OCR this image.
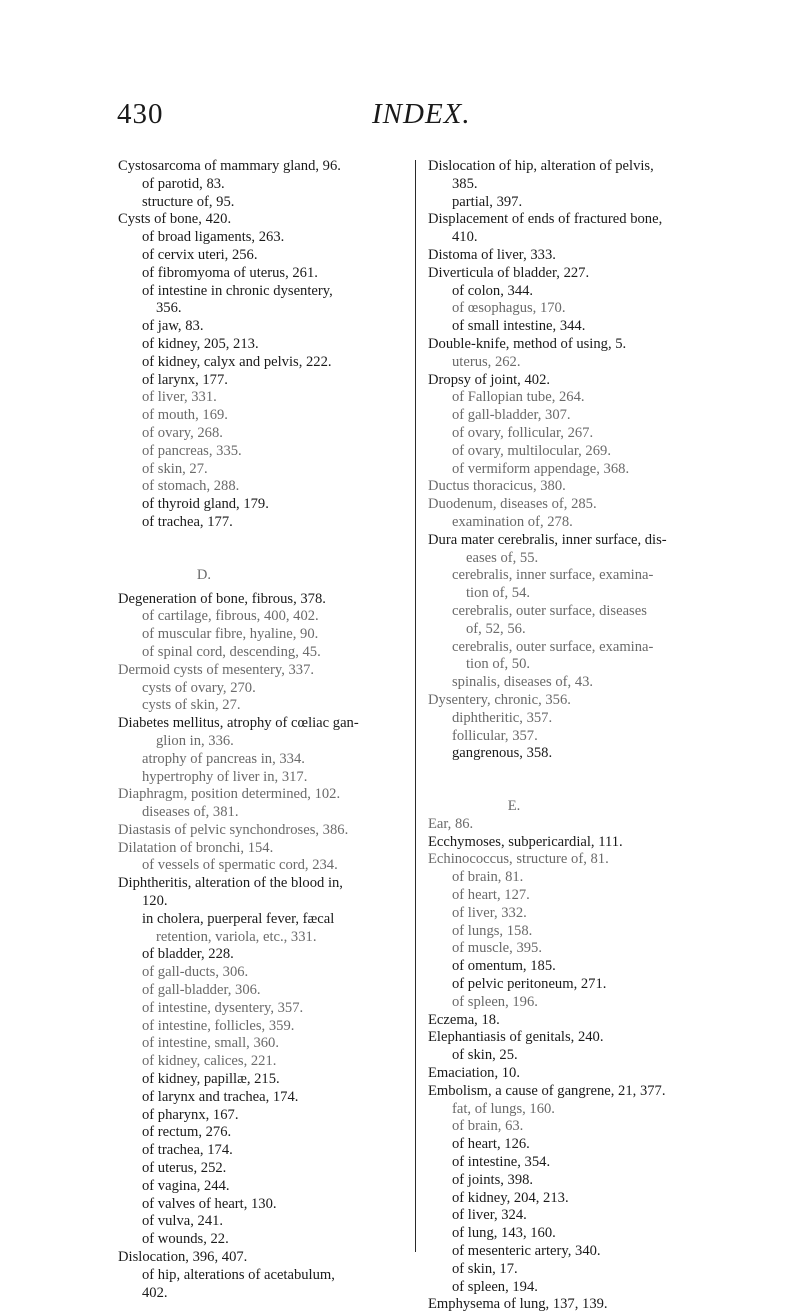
430	INDEX.
Cystosarcoma of mammary gland, 96.
of parotid, 83.
structure of, 95.
Cysts of bone, 420.
of broad ligaments, 263.
of cervix uteri, 256.
of fibromyoma of uterus, 261.
of intestine in chronic dysentery,
356.
of jaw, 83.
of kidney, 205, 213.
of kidney, calyx and pelvis, 222.
of larynx, 177.
of liver, 331.
of mouth, 169.
of ovary, 268.
of pancreas, 335.
of skin, 27.
of stomach, 288.
of thyroid gland, 179.
of trachea, 177.
D.
Degeneration of bone, fibrous, 378.
of cartilage, fibrous, 400, 402.
of muscular fibre, hyaline, 90.
of spinal cord, descending, 45.
Dermoid cysts of mesentery, 337.
cysts of ovary, 270.
cysts of skin, 27.
Diabetes mellitus, atrophy of cœliac gan-
glion in, 336.
atrophy of pancreas in, 334.
hypertrophy of liver in, 317.
Diaphragm, position determined, 102.
diseases of, 381.
Diastasis of pelvic synchondroses, 386.
Dilatation of bronchi, 154.
of vessels of spermatic cord, 234.
Diphtheritis, alteration of the blood in,
120.
in cholera, puerperal fever, fæcal
retention, variola, etc., 331.
of bladder, 228.
of gall-ducts, 306.
of gall-bladder, 306.
of intestine, dysentery, 357.
of intestine, follicles, 359.
of intestine, small, 360.
of kidney, calices, 221.
of kidney, papillæ, 215.
of larynx and trachea, 174.
of pharynx, 167.
of rectum, 276.
of trachea, 174.
of uterus, 252.
of vagina, 244.
of valves of heart, 130.
of vulva, 241.
of wounds, 22.
Dislocation, 396, 407.
of hip, alterations of acetabulum,
402.
Dislocation of hip, alteration of pelvis,
385.
partial, 397.
Displacement of ends of fractured bone,
410.
Distoma of liver, 333.
Diverticula of bladder, 227.
of colon, 344.
of œsophagus, 170.
of small intestine, 344.
Double-knife, method of using, 5.
uterus, 262.
Dropsy of joint, 402.
of Fallopian tube, 264.
of gall-bladder, 307.
of ovary, follicular, 267.
of ovary, multilocular, 269.
of vermiform appendage, 368.
Ductus thoracicus, 380.
Duodenum, diseases of, 285.
examination of, 278.
Dura mater cerebralis, inner surface, dis-
eases of, 55.
cerebralis, inner surface, examina-
tion of, 54.
cerebralis, outer surface, diseases
of, 52, 56.
cerebralis, outer surface, examina-
tion of, 50.
spinalis, diseases of, 43.
Dysentery, chronic, 356.
diphtheritic, 357.
follicular, 357.
gangrenous, 358.
E.
Ear, 86.
Ecchymoses, subpericardial, 111.
Echinococcus, structure of, 81.
of brain, 81.
of heart, 127.
of liver, 332.
of lungs, 158.
of muscle, 395.
of omentum, 185.
of pelvic peritoneum, 271.
of spleen, 196.
Eczema, 18.
Elephantiasis of genitals, 240.
of skin, 25.
Emaciation, 10.
Embolism, a cause of gangrene, 21, 377.
fat, of lungs, 160.
of brain, 63.
of heart, 126.
of intestine, 354.
of joints, 398.
of kidney, 204, 213.
of liver, 324.
of lung, 143, 160.
of mesenteric artery, 340.
of skin, 17.
of spleen, 194.
Emphysema of lung, 137, 139.
